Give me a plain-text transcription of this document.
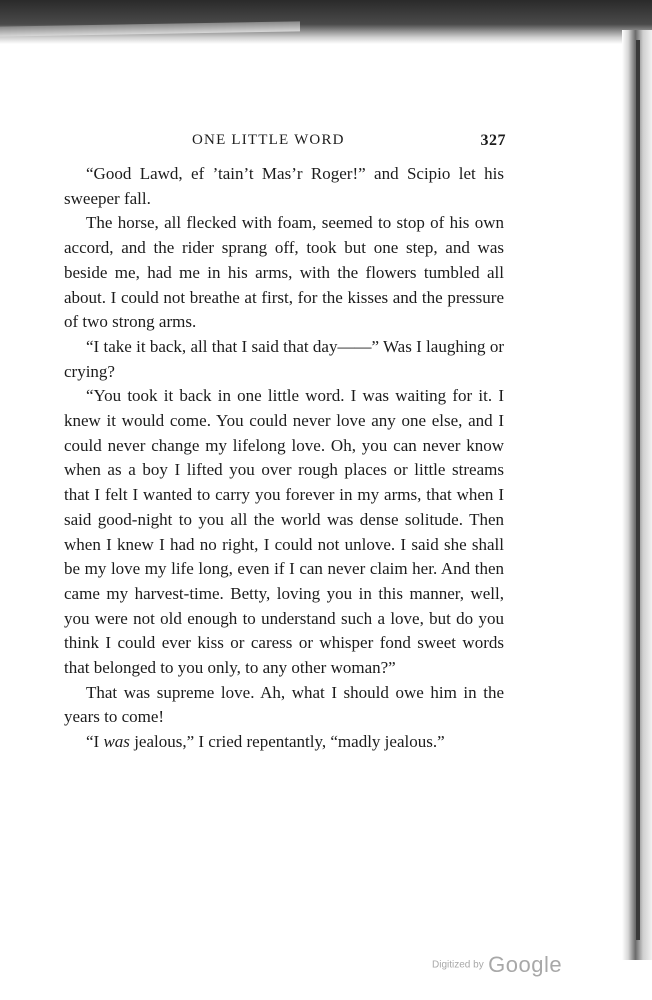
ONE LITTLE WORD	327

“Good Lawd, ef ’tain’t Mas’r Roger!” and Scipio let his sweeper fall.

The horse, all flecked with foam, seemed to stop of his own accord, and the rider sprang off, took but one step, and was beside me, had me in his arms, with the flowers tumbled all about. I could not breathe at first, for the kisses and the pressure of two strong arms.

“I take it back, all that I said that day——” Was I laughing or crying?

“You took it back in one little word. I was waiting for it. I knew it would come. You could never love any one else, and I could never change my lifelong love. Oh, you can never know when as a boy I lifted you over rough places or little streams that I felt I wanted to carry you forever in my arms, that when I said good-night to you all the world was dense solitude. Then when I knew I had no right, I could not unlove. I said she shall be my love my life long, even if I can never claim her. And then came my harvest-time. Betty, loving you in this manner, well, you were not old enough to understand such a love, but do you think I could ever kiss or caress or whisper fond sweet words that belonged to you only, to any other woman?”

That was supreme love. Ah, what I should owe him in the years to come!

“I was jealous,” I cried repentantly, “madly jealous.”

Digitized by Google
